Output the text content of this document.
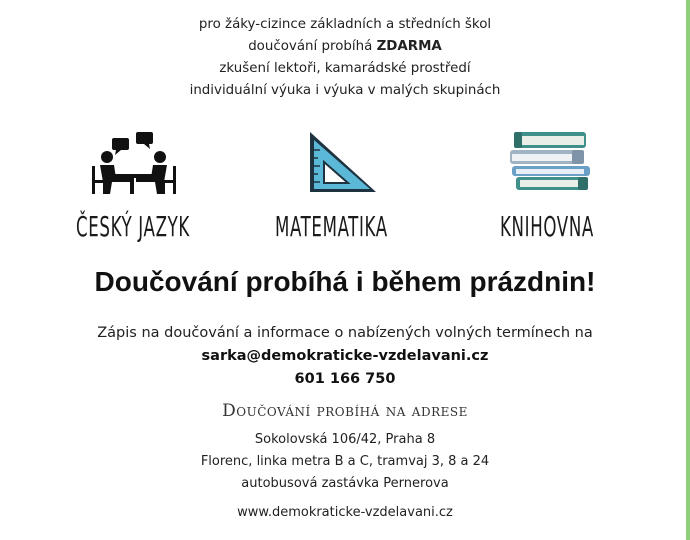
pro žáky-cizince základních a středních škol
doučování probíhá ZDARMA
zkušení lektoři, kamarádské prostředí
individuální výuka i výuka v malých skupinách
ČESKÝ JAZYK	MATEMATIKA	KNIHOVNA
Doučování probíhá i během prázdnin!
Zápis na doučování a informace o nabízených volných termínech na
sarka@demokraticke-vzdelavani.cz
601 166 750
Doučování probíhá na adrese
Sokolovská 106/42, Praha 8
Florenc, linka metra B a C, tramvaj 3, 8 a 24
autobusová zastávka Pernerova
www.demokraticke-vzdelavani.cz
